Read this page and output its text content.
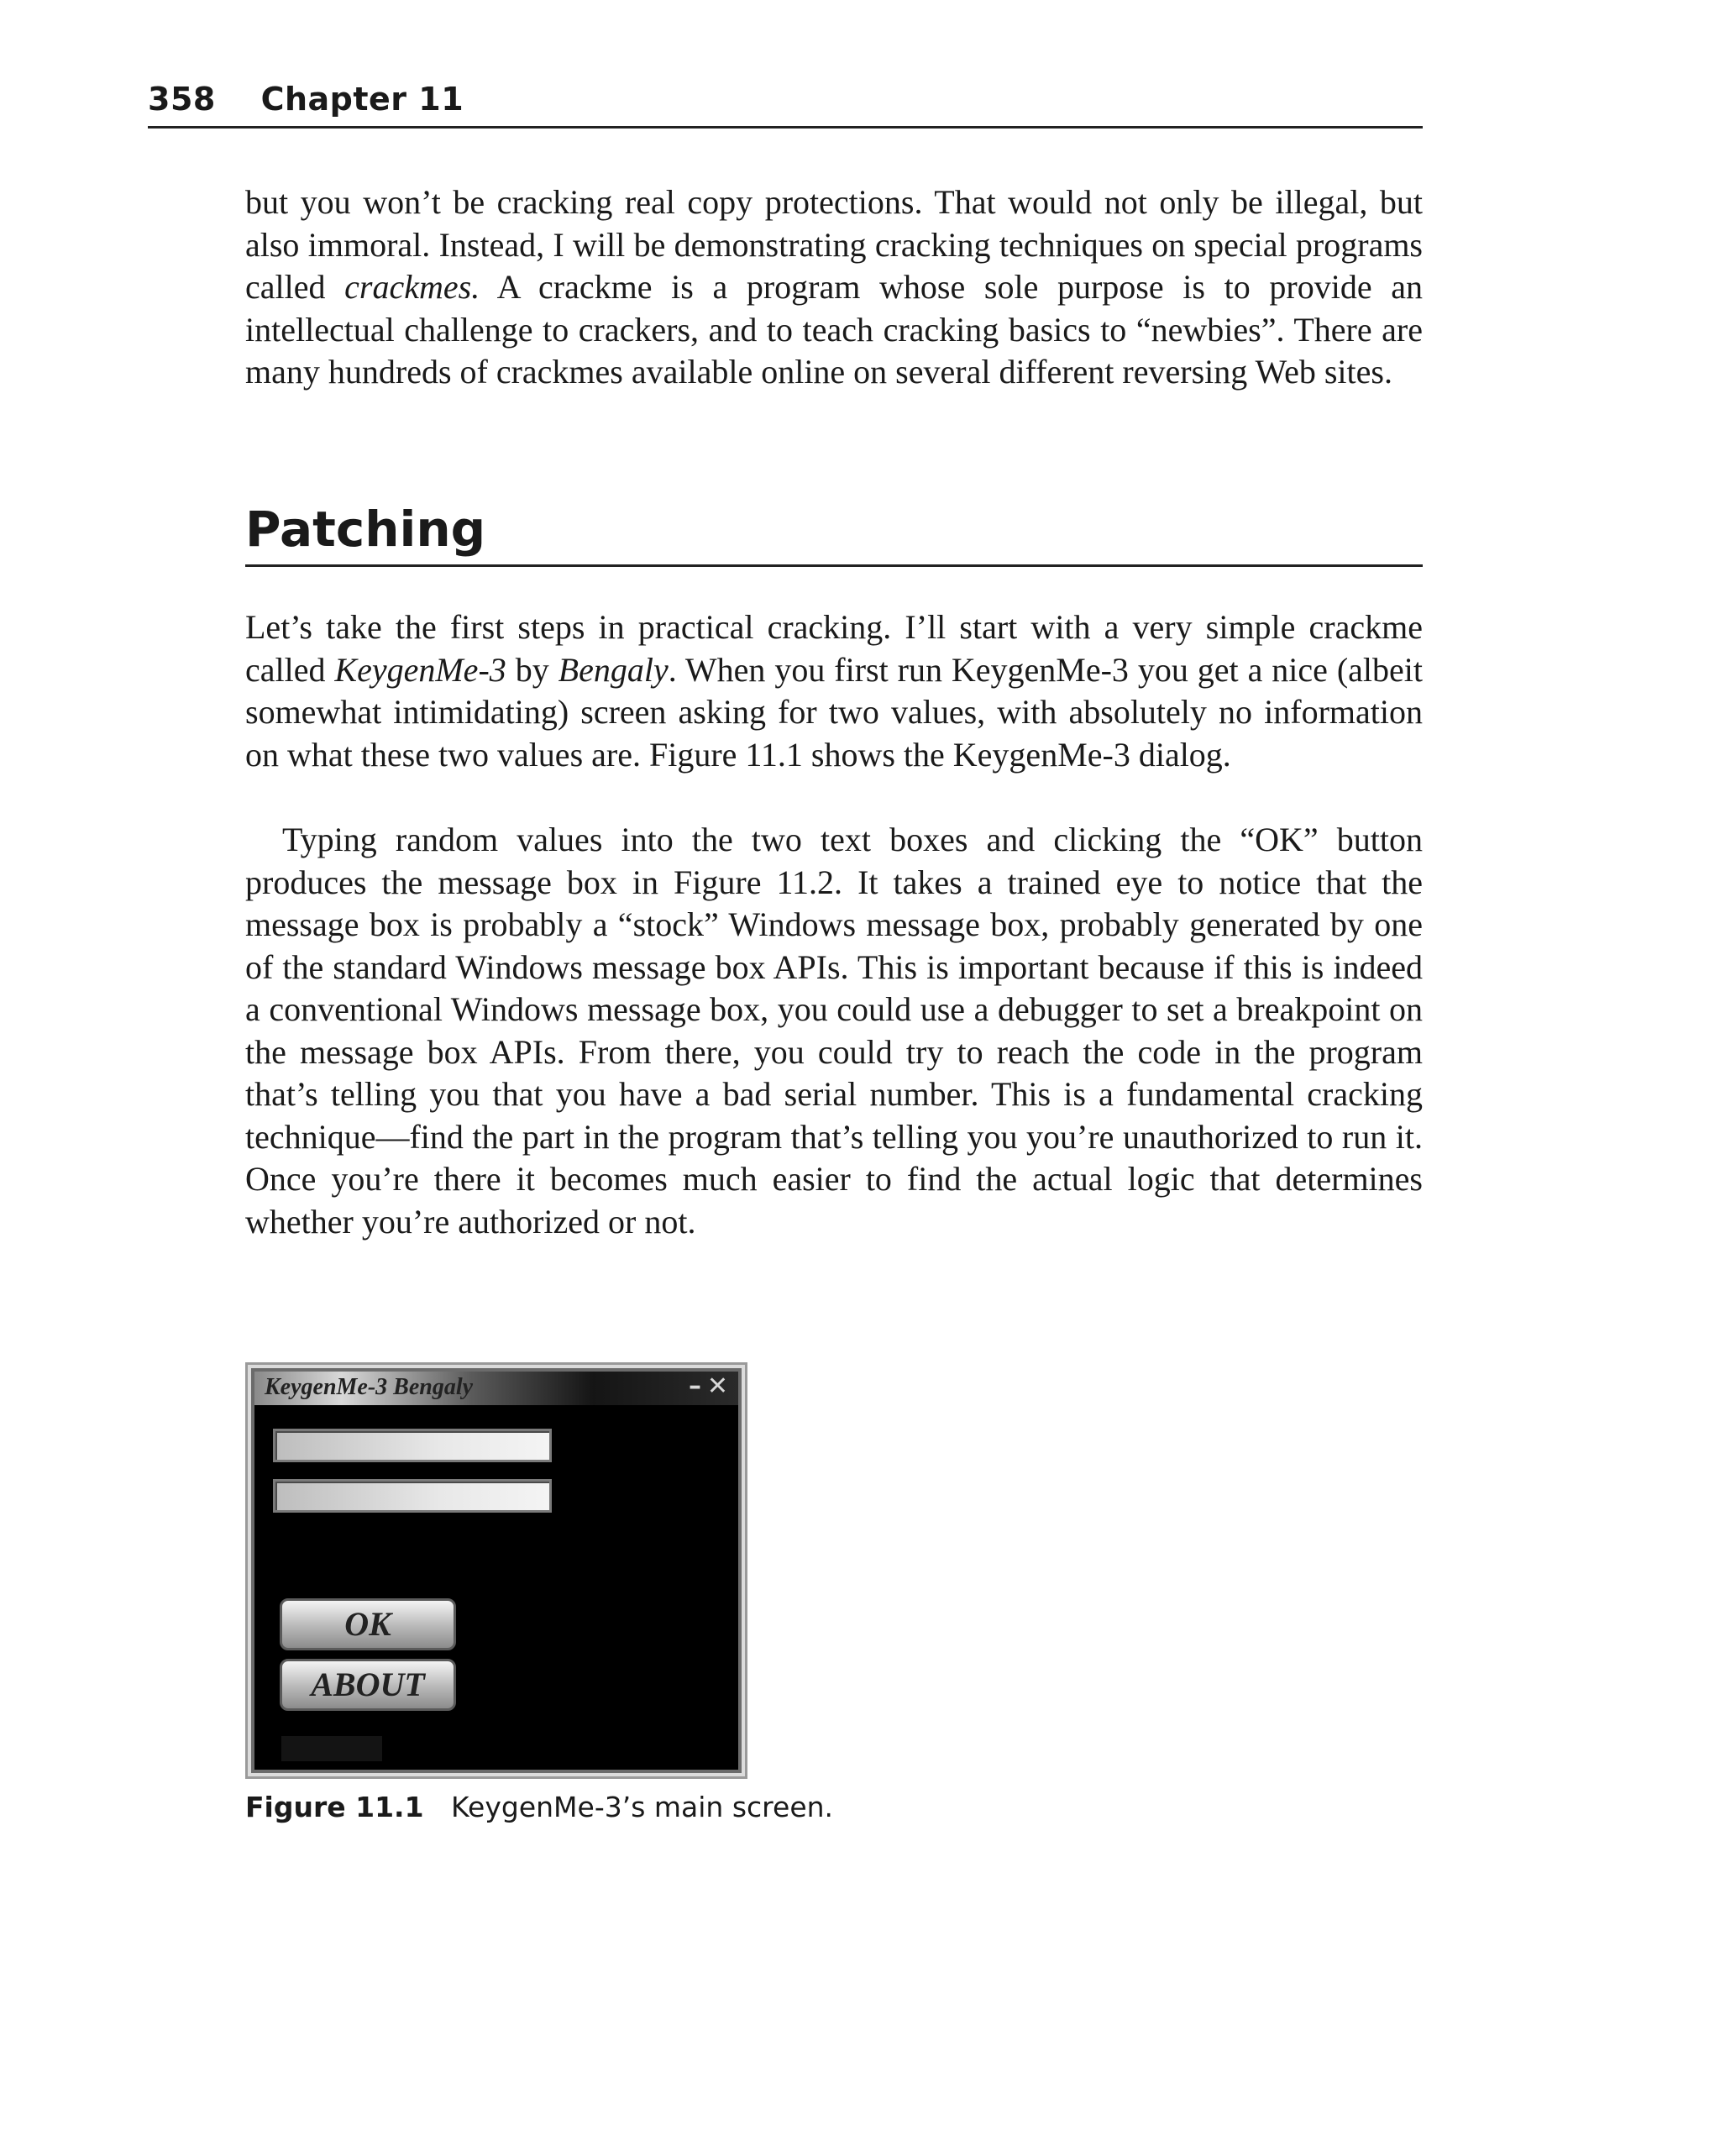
358 Chapter 11

but you won’t be cracking real copy protections. That would not only be illegal, but also immoral. Instead, I will be demonstrating cracking techniques on special programs called crackmes. A crackme is a program whose sole purpose is to provide an intellectual challenge to crackers, and to teach cracking basics to “newbies”. There are many hundreds of crackmes available online on several different reversing Web sites.

Patching

Let’s take the first steps in practical cracking. I’ll start with a very simple crackme called KeygenMe-3 by Bengaly. When you first run KeygenMe-3 you get a nice (albeit somewhat intimidating) screen asking for two values, with absolutely no information on what these two values are. Figure 11.1 shows the KeygenMe-3 dialog.

Typing random values into the two text boxes and clicking the “OK” button produces the message box in Figure 11.2. It takes a trained eye to notice that the message box is probably a “stock” Windows message box, probably generated by one of the standard Windows message box APIs. This is important because if this is indeed a conventional Windows message box, you could use a debugger to set a breakpoint on the message box APIs. From there, you could try to reach the code in the program that’s telling you that you have a bad serial number. This is a fundamental cracking technique—find the part in the program that’s telling you you’re unauthorized to run it. Once you’re there it becomes much easier to find the actual logic that determines whether you’re authorized or not.

KeygenMe-3 Bengaly	– ✕
OK
ABOUT
Figure 11.1 KeygenMe-3’s main screen.
